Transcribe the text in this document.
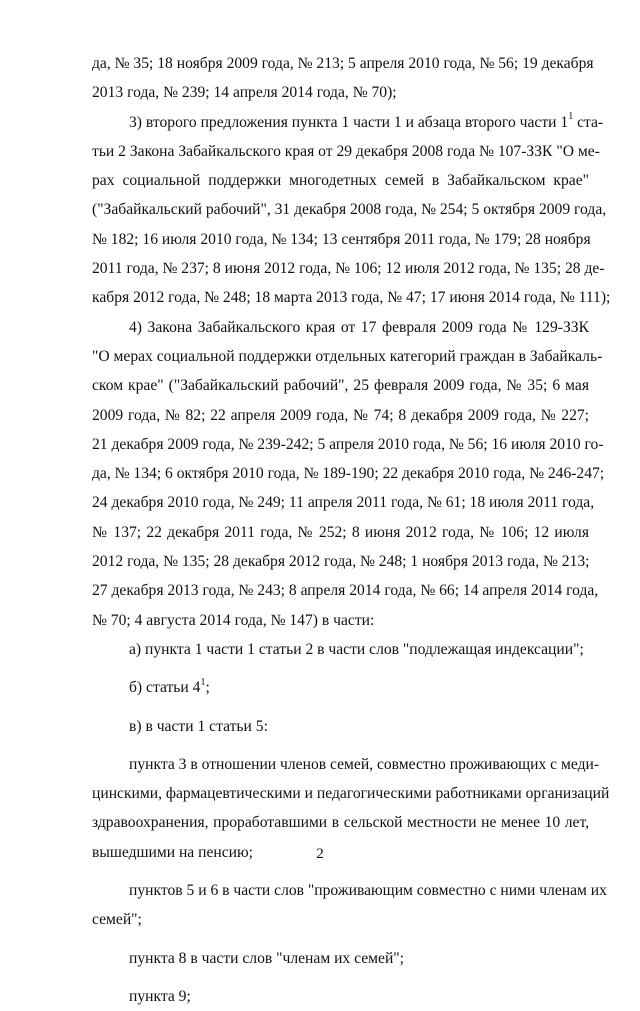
да, № 35; 18 ноября 2009 года, № 213; 5 апреля 2010 года, № 56; 19 декабря
2013 года, № 239; 14 апреля 2014 года, № 70);
3) второго предложения пункта 1 части 1 и абзаца второго части $1^1$ ста-
тьи 2 Закона Забайкальского края от 29 декабря 2008 года № 107-ЗЗК "О ме-
рах социальной поддержки многодетных семей в Забайкальском крае"
("Забайкальский рабочий", 31 декабря 2008 года, № 254; 5 октября 2009 года,
№ 182; 16 июля 2010 года, № 134; 13 сентября 2011 года, № 179; 28 ноября
2011 года, № 237; 8 июня 2012 года, № 106; 12 июля 2012 года, № 135; 28 де-
кабря 2012 года, № 248; 18 марта 2013 года, № 47; 17 июня 2014 года, № 111);
4) Закона Забайкальского края от 17 февраля 2009 года № 129-ЗЗК
"О мерах социальной поддержки отдельных категорий граждан в Забайкаль-
ском крае" ("Забайкальский рабочий", 25 февраля 2009 года, № 35; 6 мая
2009 года, № 82; 22 апреля 2009 года, № 74; 8 декабря 2009 года, № 227;
21 декабря 2009 года, № 239-242; 5 апреля 2010 года, № 56; 16 июля 2010 го-
да, № 134; 6 октября 2010 года, № 189-190; 22 декабря 2010 года, № 246-247;
24 декабря 2010 года, № 249; 11 апреля 2011 года, № 61; 18 июля 2011 года,
№ 137; 22 декабря 2011 года, № 252; 8 июня 2012 года, № 106; 12 июля
2012 года, № 135; 28 декабря 2012 года, № 248; 1 ноября 2013 года, № 213;
27 декабря 2013 года, № 243; 8 апреля 2014 года, № 66; 14 апреля 2014 года,
№ 70; 4 августа 2014 года, № 147) в части:
а) пункта 1 части 1 статьи 2 в части слов "подлежащая индексации";
б) статьи $4^1$;
в) в части 1 статьи 5:
пункта 3 в отношении членов семей, совместно проживающих с меди-
цинскими, фармацевтическими и педагогическими работниками организаций
здравоохранения, проработавшими в сельской местности не менее 10 лет,
вышедшими на пенсию;
пунктов 5 и 6 в части слов "проживающим совместно с ними членам их
семей";
пункта 8 в части слов "членам их семей";
пункта 9;
2
